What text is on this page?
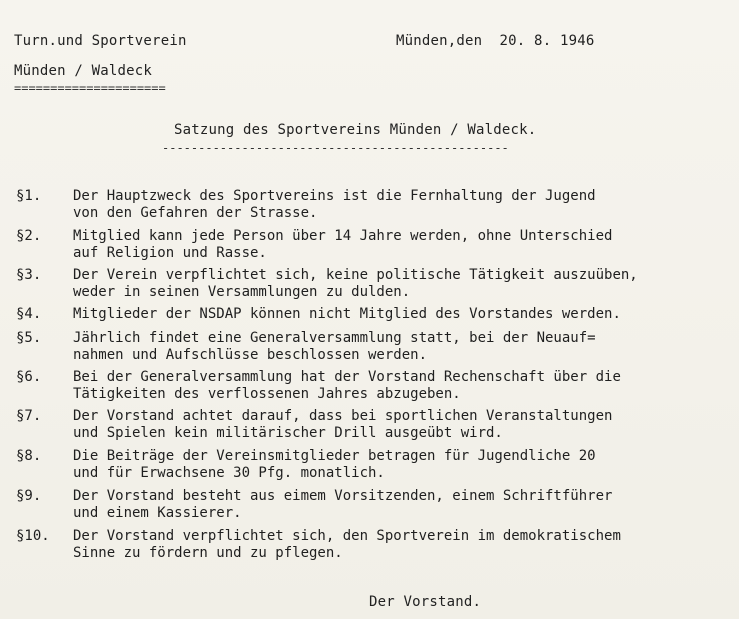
Turn.und Sportverein	Münden,den  20. 8. 1946
Münden / Waldeck
=====================
Satzung des Sportvereins Münden / Waldeck.
------------------------------------------------
§1. Der Hauptzweck des Sportvereins ist die Fernhaltung der Jugend
von den Gefahren der Strasse.
§2. Mitglied kann jede Person über 14 Jahre werden, ohne Unterschied
auf Religion und Rasse.
§3. Der Verein verpflichtet sich, keine politische Tätigkeit auszuüben,
weder in seinen Versammlungen zu dulden.
§4. Mitglieder der NSDAP können nicht Mitglied des Vorstandes werden.
§5. Jährlich findet eine Generalversammlung statt, bei der Neuauf=
nahmen und Aufschlüsse beschlossen werden.
§6. Bei der Generalversammlung hat der Vorstand Rechenschaft über die
Tätigkeiten des verflossenen Jahres abzugeben.
§7. Der Vorstand achtet darauf, dass bei sportlichen Veranstaltungen
und Spielen kein militärischer Drill ausgeübt wird.
§8. Die Beiträge der Vereinsmitglieder betragen für Jugendliche 20
und für Erwachsene 30 Pfg. monatlich.
§9. Der Vorstand besteht aus eimem Vorsitzenden, einem Schriftführer
und einem Kassierer.
§10. Der Vorstand verpflichtet sich, den Sportverein im demokratischem
Sinne zu fördern und zu pflegen.
Der Vorstand.
